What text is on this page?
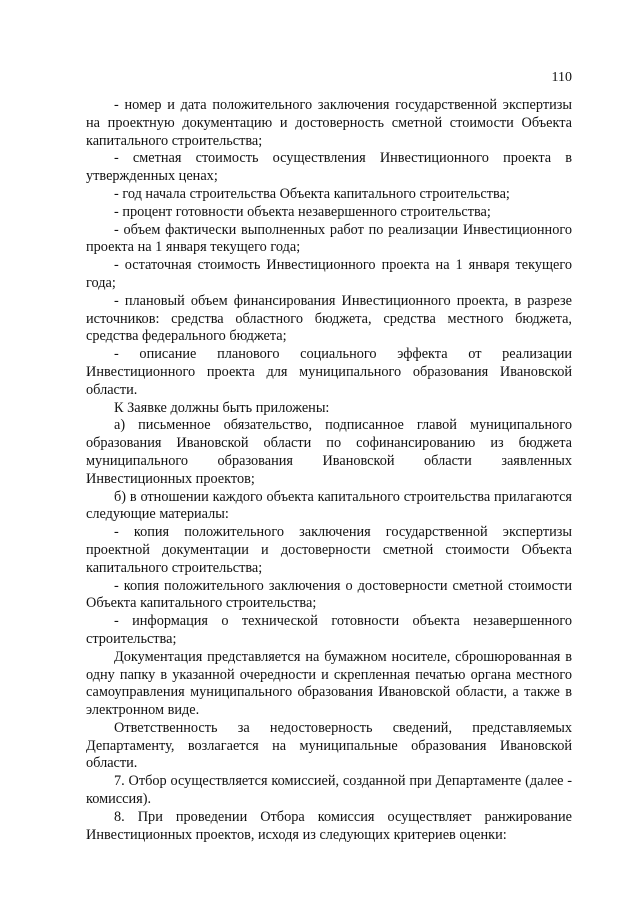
110

- номер и дата положительного заключения государственной экспертизы на проектную документацию и достоверность сметной стоимости Объекта капитального строительства;

- сметная стоимость осуществления Инвестиционного проекта в утвержденных ценах;

- год начала строительства Объекта капитального строительства;

- процент готовности объекта незавершенного строительства;

- объем фактически выполненных работ по реализации Инвестиционного проекта на 1 января текущего года;

- остаточная стоимость Инвестиционного проекта на 1 января текущего года;

- плановый объем финансирования Инвестиционного проекта, в разрезе источников: средства областного бюджета, средства местного бюджета, средства федерального бюджета;

- описание планового социального эффекта от реализации Инвестиционного проекта для муниципального образования Ивановской области.

К Заявке должны быть приложены:

а) письменное обязательство, подписанное главой муниципального образования Ивановской области по софинансированию из бюджета муниципального образования Ивановской области заявленных Инвестиционных проектов;

б) в отношении каждого объекта капитального строительства прилагаются следующие материалы:

- копия положительного заключения государственной экспертизы проектной документации и достоверности сметной стоимости Объекта капитального строительства;

- копия положительного заключения о достоверности сметной стоимости Объекта капитального строительства;

- информация о технической готовности объекта незавершенного строительства;

Документация представляется на бумажном носителе, сброшюрованная в одну папку в указанной очередности и скрепленная печатью органа местного самоуправления муниципального образования Ивановской области, а также в электронном виде.

Ответственность за недостоверность сведений, представляемых Департаменту, возлагается на муниципальные образования Ивановской области.

7. Отбор осуществляется комиссией, созданной при Департаменте (далее - комиссия).

8. При проведении Отбора комиссия осуществляет ранжирование Инвестиционных проектов, исходя из следующих критериев оценки:
